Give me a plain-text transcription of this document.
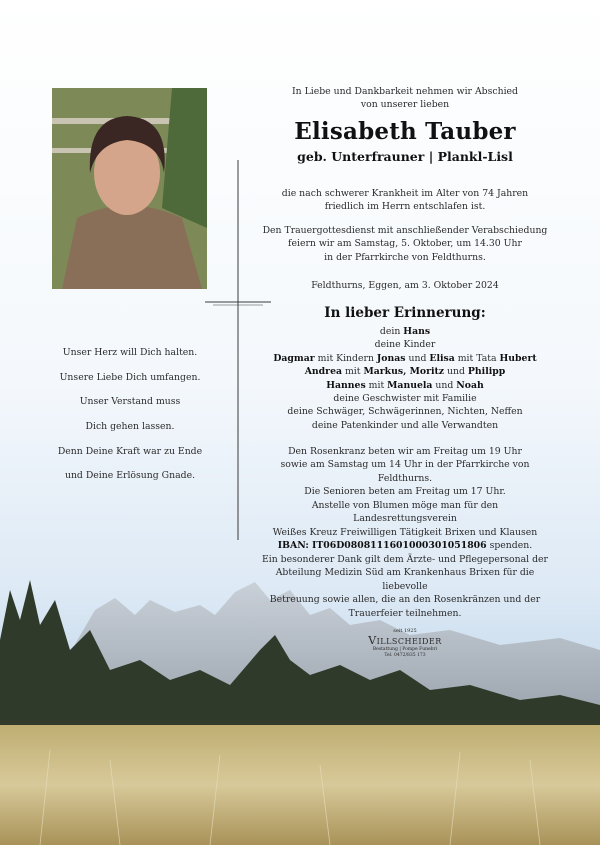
Unser Herz will Dich halten.

Unsere Liebe Dich umfangen.

Unser Verstand muss

Dich gehen lassen.

Denn Deine Kraft war zu Ende

und Deine Erlösung Gnade.

In Liebe und Dankbarkeit nehmen wir Abschied

von unserer lieben

Elisabeth Tauber
geb. Unterfrauner | Plankl-Lisl

die nach schwerer Krankheit im Alter von 74 Jahren

friedlich im Herrn entschlafen ist.

Den Trauergottesdienst mit anschließender Verabschiedung

feiern wir am Samstag, 5. Oktober, um 14.30 Uhr

in der Pfarrkirche von Feldthurns.

Feldthurns, Eggen, am 3. Oktober 2024
In lieber Erinnerung:

dein Hans

deine Kinder

Dagmar mit Kindern Jonas und Elisa mit Tata Hubert

Andrea mit Markus, Moritz und Philipp

Hannes mit Manuela und Noah

deine Geschwister mit Familie

deine Schwäger, Schwägerinnen, Nichten, Neffen

deine Patenkinder und alle Verwandten

Den Rosenkranz beten wir am Freitag um 19 Uhr

sowie am Samstag um 14 Uhr in der Pfarrkirche von Feldthurns.

Die Senioren beten am Freitag um 17 Uhr.

Anstelle von Blumen möge man für den Landesrettungsverein

Weißes Kreuz Freiwilligen Tätigkeit Brixen und Klausen

IBAN: IT06D0808111601000301051806 spenden.

Ein besonderer Dank gilt dem Ärzte- und Pflegepersonal der

Abteilung Medizin Süd am Krankenhaus Brixen für die liebevolle

Betreuung sowie allen, die an den Rosenkränzen und der

Trauerfeier teilnehmen.

seit 1925
Villscheider
Bestattung | Pompe Funebri
Tel. 0472/835 173
